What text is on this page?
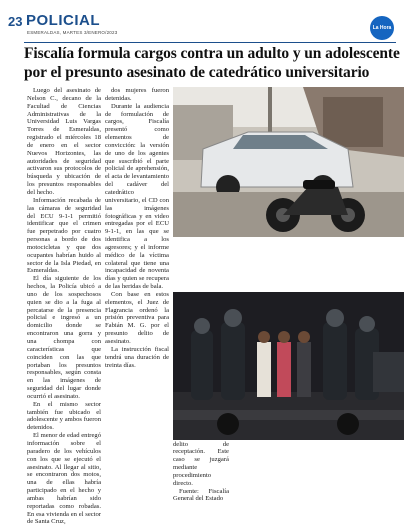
23 POLICIAL
ESMERALDAS, MARTES 3/ENERO/2023
La Hora
Fiscalía formula cargos contra un adulto y un adolescente
por el presunto asesinato de catedrático universitario

Luego del asesinato de Nelson C., decano de la Facultad de Ciencias Administrativas de la Universidad Luis Vargas Torres de Esmeraldas, registrado el miércoles 18 de enero en el sector Nuevos Horizontes, las autoridades de seguridad activaron sus protocolos de búsqueda y ubicación de los presuntos responsables del hecho.

Información recabada de las cámaras de seguridad del ECU 9-1-1 permitió identificar que el crimen fue perpetrado por cuatro personas a bordo de dos motocicletas y que dos ocupantes habrían huido al sector de la Isla Piedad, en Esmeraldas.

El día siguiente de los hechos, la Policía ubicó a uno de los sospechosos quien se dio a la fuga al percatarse de la presencia policial e ingresó a un domicilio donde se encontraron una gorra y una chompa con características que coinciden con las que portaban los presuntos responsables, según consta en las imágenes de seguridad del lugar donde ocurrió el asesinato.

En el mismo sector también fue ubicado el adolescente y ambos fueron detenidos.

El menor de edad entregó información sobre el paradero de los vehículos con los que se ejecutó el asesinato. Al llegar al sitio, se encontraron dos motos, una de ellas habría participado en el hecho y ambas habrían sido reportadas como robadas. En esa vivienda en el sector de Santa Cruz,

dos mujeres fueron detenidas.

Durante la audiencia de formulación de cargos, Fiscalía presentó como elementos de convicción: la versión de uno de los agentes que suscribió el parte policial de aprehensión, el acta de levantamiento del cadáver del catedrático universitario, el CD con las imágenes fotográficas y en video entregadas por el ECU 9-1-1, en las que se identifica a los agresores; y el informe médico de la víctima colateral que tiene una incapacidad de noventa días y quien se recupera de las heridas de bala.

Con base en estos elementos, el Juez de Flagrancia ordenó la prisión preventiva para Fabián M. G. por el presunto delito de asesinato.

La instrucción fiscal tendrá una duración de treinta días.

delito de receptación. Este caso se juzgará mediante procedimiento directo.

Fuente: Fiscalía General del Estado
